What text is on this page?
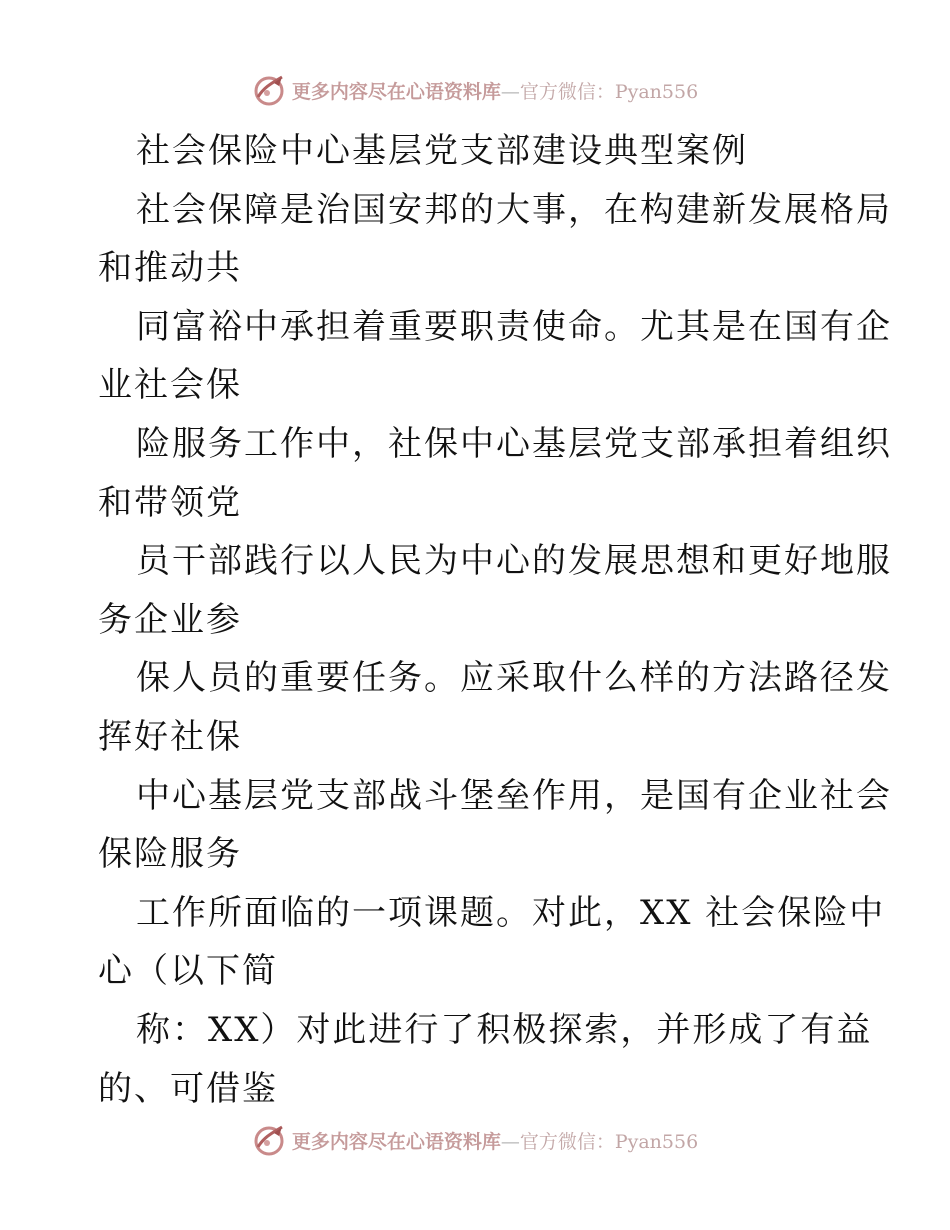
更多内容尽在心语资料库—官方微信：Pyan556
社会保险中心基层党支部建设典型案例
社会保障是治国安邦的大事，在构建新发展格局
和推动共
同富裕中承担着重要职责使命。尤其是在国有企
业社会保
险服务工作中，社保中心基层党支部承担着组织
和带领党
员干部践行以人民为中心的发展思想和更好地服
务企业参
保人员的重要任务。应采取什么样的方法路径发
挥好社保
中心基层党支部战斗堡垒作用，是国有企业社会
保险服务
工作所面临的一项课题。对此，XX 社会保险中
心（以下简
称：XX）对此进行了积极探索，并形成了有益
的、可借鉴
更多内容尽在心语资料库—官方微信：Pyan556
